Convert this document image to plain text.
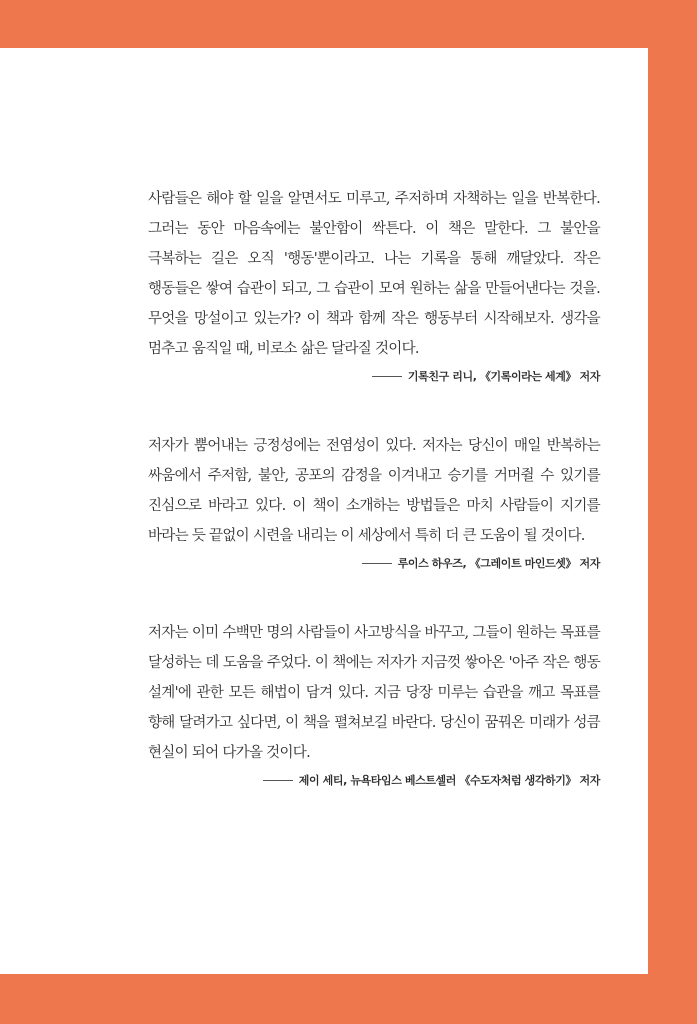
사람들은 해야 할 일을 알면서도 미루고, 주저하며 자책하는 일을 반복한다. 그러는 동안 마음속에는 불안함이 싹튼다. 이 책은 말한다. 그 불안을 극복하는 길은 오직 '행동'뿐이라고. 나는 기록을 통해 깨달았다. 작은 행동들은 쌓여 습관이 되고, 그 습관이 모여 원하는 삶을 만들어낸다는 것을. 무엇을 망설이고 있는가? 이 책과 함께 작은 행동부터 시작해보자. 생각을 멈추고 움직일 때, 비로소 삶은 달라질 것이다.

기록친구 리니, 《기록이라는 세계》 저자

저자가 뿜어내는 긍정성에는 전염성이 있다. 저자는 당신이 매일 반복하는 싸움에서 주저함, 불안, 공포의 감정을 이겨내고 승기를 거머쥘 수 있기를 진심으로 바라고 있다. 이 책이 소개하는 방법들은 마치 사람들이 지기를 바라는 듯 끝없이 시련을 내리는 이 세상에서 특히 더 큰 도움이 될 것이다.

루이스 하우즈, 《그레이트 마인드셋》 저자

저자는 이미 수백만 명의 사람들이 사고방식을 바꾸고, 그들이 원하는 목표를 달성하는 데 도움을 주었다. 이 책에는 저자가 지금껏 쌓아온 '아주 작은 행동 설계'에 관한 모든 해법이 담겨 있다. 지금 당장 미루는 습관을 깨고 목표를 향해 달려가고 싶다면, 이 책을 펼쳐보길 바란다. 당신이 꿈꿔온 미래가 성큼 현실이 되어 다가올 것이다.

제이 세티, 뉴욕타임스 베스트셀러 《수도자처럼 생각하기》 저자
